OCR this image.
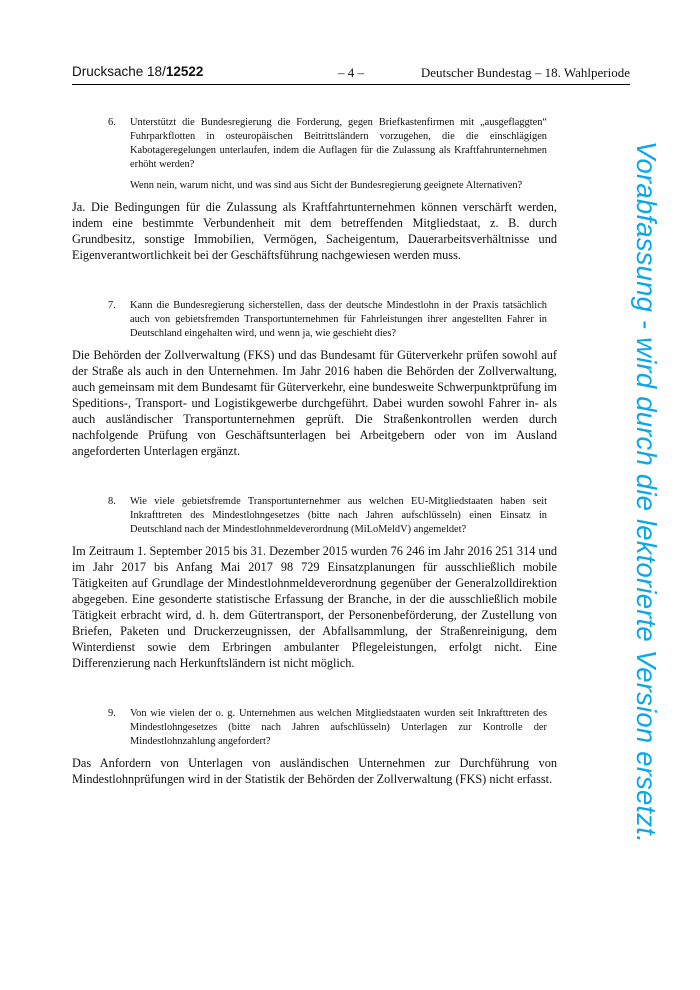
Drucksache 18/12522	– 4 –	Deutscher Bundestag – 18. Wahlperiode
6. Unterstützt die Bundesregierung die Forderung, gegen Briefkastenfirmen mit „ausgeflaggten“ Fuhrparkflotten in osteuropäischen Beitrittsländern vorzugehen, die die einschlägigen Kabotageregelungen unterlaufen, indem die Auflagen für die Zulassung als Kraftfahrunternehmen erhöht werden?

Wenn nein, warum nicht, und was sind aus Sicht der Bundesregierung geeignete Alternativen?

Ja. Die Bedingungen für die Zulassung als Kraftfahrtunternehmen können verschärft werden, indem eine bestimmte Verbundenheit mit dem betreffenden Mitgliedstaat, z. B. durch Grundbesitz, sonstige Immobilien, Vermögen, Sacheigentum, Dauerarbeitsverhältnisse und Eigenverantwortlichkeit bei der Geschäftsführung nachgewiesen werden muss.

7. Kann die Bundesregierung sicherstellen, dass der deutsche Mindestlohn in der Praxis tatsächlich auch von gebietsfremden Transportunternehmen für Fahrleistungen ihrer angestellten Fahrer in Deutschland eingehalten wird, und wenn ja, wie geschieht dies?

Die Behörden der Zollverwaltung (FKS) und das Bundesamt für Güterverkehr prüfen sowohl auf der Straße als auch in den Unternehmen. Im Jahr 2016 haben die Behörden der Zollverwaltung, auch gemeinsam mit dem Bundesamt für Güterverkehr, eine bundesweite Schwerpunktprüfung im Speditions-, Transport- und Logistikgewerbe durchgeführt. Dabei wurden sowohl Fahrer in- als auch ausländischer Transportunternehmen geprüft. Die Straßenkontrollen werden durch nachfolgende Prüfung von Geschäftsunterlagen bei Arbeitgebern oder von im Ausland angeforderten Unterlagen ergänzt.

8. Wie viele gebietsfremde Transportunternehmer aus welchen EU-Mitgliedstaaten haben seit Inkrafttreten des Mindestlohngesetzes (bitte nach Jahren aufschlüsseln) einen Einsatz in Deutschland nach der Mindestlohnmeldeverordnung (MiLoMeldV) angemeldet?

Im Zeitraum 1. September 2015 bis 31. Dezember 2015 wurden 76 246 im Jahr 2016 251 314 und im Jahr 2017 bis Anfang Mai 2017 98 729 Einsatzplanungen für ausschließlich mobile Tätigkeiten auf Grundlage der Mindestlohnmeldeverordnung gegenüber der Generalzolldirektion abgegeben. Eine gesonderte statistische Erfassung der Branche, in der die ausschließlich mobile Tätigkeit erbracht wird, d. h. dem Gütertransport, der Personenbeförderung, der Zustellung von Briefen, Paketen und Druckerzeugnissen, der Abfallsammlung, der Straßenreinigung, dem Winterdienst sowie dem Erbringen ambulanter Pflegeleistungen, erfolgt nicht. Eine Differenzierung nach Herkunftsländern ist nicht möglich.

9. Von wie vielen der o. g. Unternehmen aus welchen Mitgliedstaaten wurden seit Inkrafttreten des Mindestlohngesetzes (bitte nach Jahren aufschlüsseln) Unterlagen zur Kontrolle der Mindestlohnzahlung angefordert?

Das Anfordern von Unterlagen von ausländischen Unternehmen zur Durchführung von Mindestlohnprüfungen wird in der Statistik der Behörden der Zollverwaltung (FKS) nicht erfasst.	Vorabfassung - wird durch die lektorierte Version ersetzt.
